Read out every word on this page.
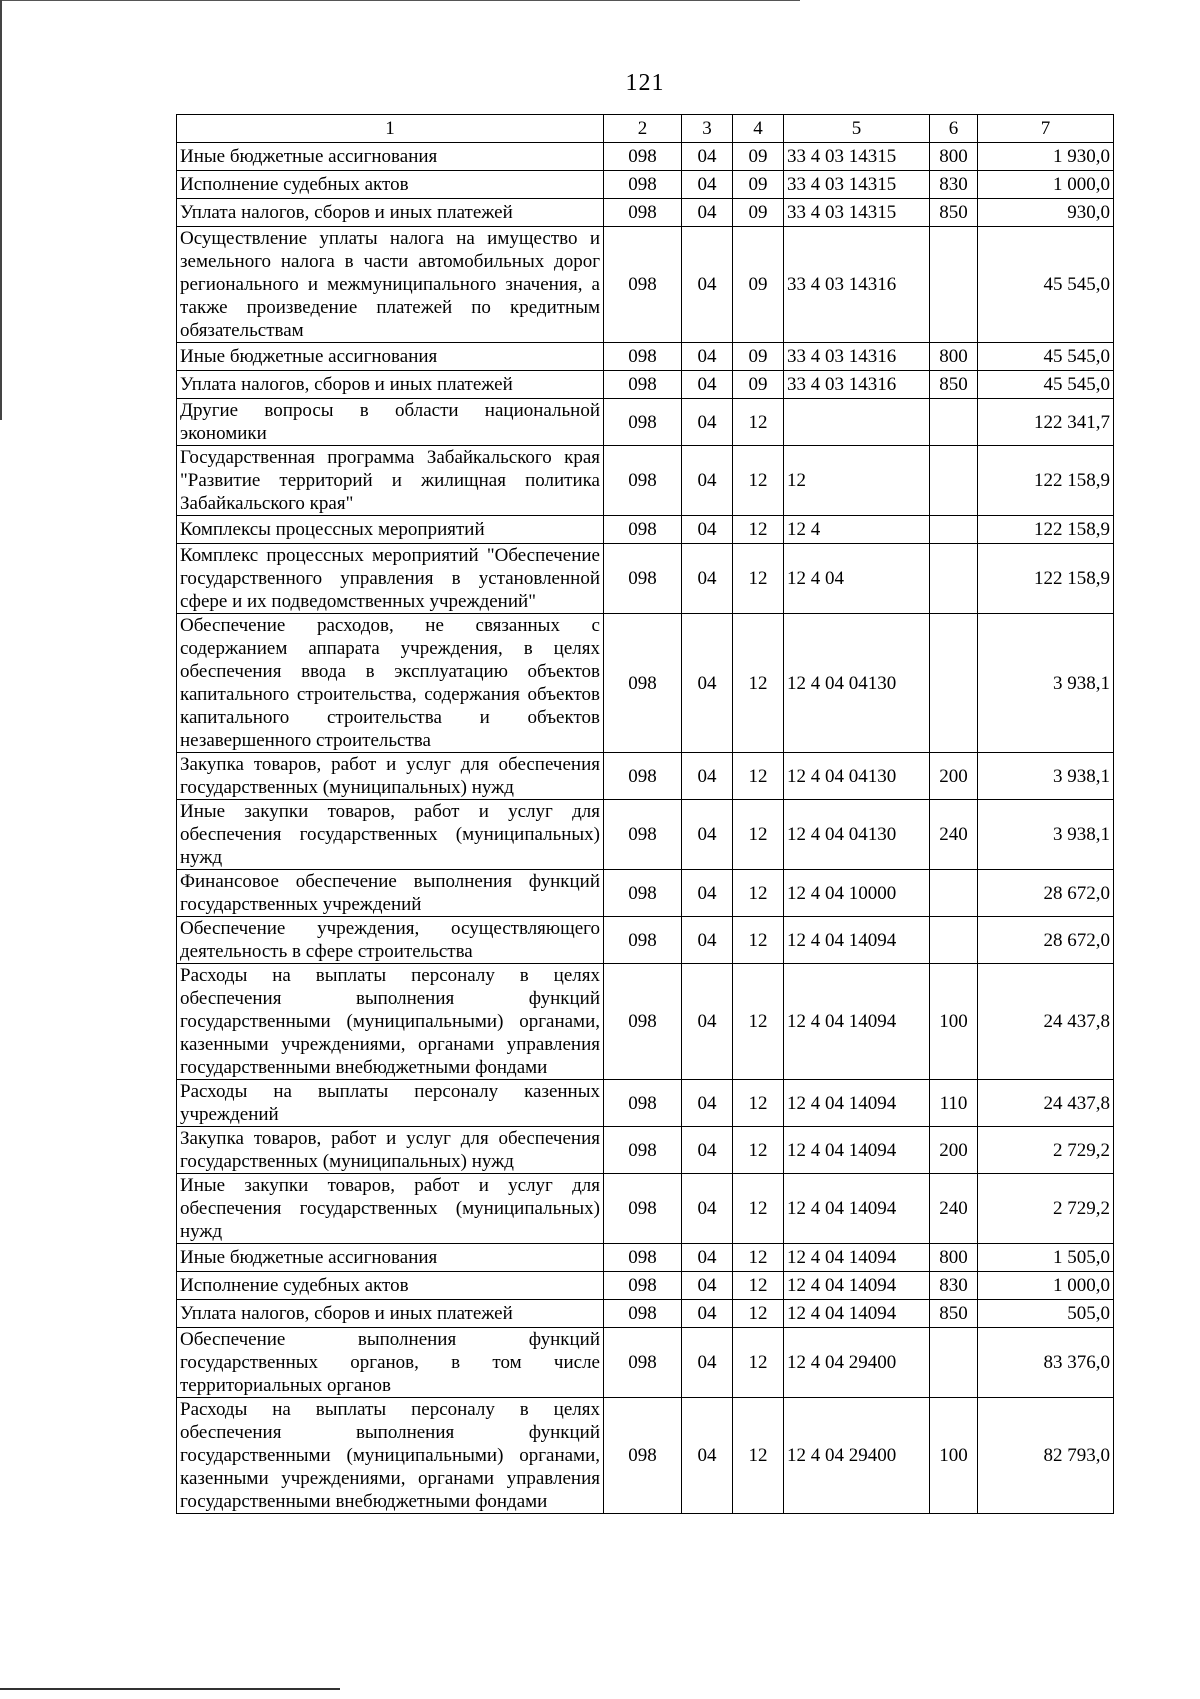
121
1	2	3	4	5	6	7
Иные бюджетные ассигнования	098	04	09	33 4 03 14315	800	1 930,0
Исполнение судебных актов	098	04	09	33 4 03 14315	830	1 000,0
Уплата налогов, сборов и иных платежей	098	04	09	33 4 03 14315	850	930,0
Осуществление уплаты налога на имущество и земельного налога в части автомобильных дорог регионального и межмуниципального значения, а также произведение платежей по кредитным обязательствам	098	04	09	33 4 03 14316		45 545,0
Иные бюджетные ассигнования	098	04	09	33 4 03 14316	800	45 545,0
Уплата налогов, сборов и иных платежей	098	04	09	33 4 03 14316	850	45 545,0
Другие вопросы в области национальной экономики	098	04	12			122 341,7
Государственная программа Забайкальского края "Развитие территорий и жилищная политика Забайкальского края"	098	04	12	12		122 158,9
Комплексы процессных мероприятий	098	04	12	12 4		122 158,9
Комплекс процессных мероприятий "Обеспечение государственного управления в установленной сфере и их подведомственных учреждений"	098	04	12	12 4 04		122 158,9
Обеспечение расходов, не связанных с содержанием аппарата учреждения, в целях обеспечения ввода в эксплуатацию объектов капитального строительства, содержания объектов капитального строительства и объектов незавершенного строительства	098	04	12	12 4 04 04130		3 938,1
Закупка товаров, работ и услуг для обеспечения государственных (муниципальных) нужд	098	04	12	12 4 04 04130	200	3 938,1
Иные закупки товаров, работ и услуг для обеспечения государственных (муниципальных) нужд	098	04	12	12 4 04 04130	240	3 938,1
Финансовое обеспечение выполнения функций государственных учреждений	098	04	12	12 4 04 10000		28 672,0
Обеспечение учреждения, осуществляющего деятельность в сфере строительства	098	04	12	12 4 04 14094		28 672,0
Расходы на выплаты персоналу в целях обеспечения выполнения функций государственными (муниципальными) органами, казенными учреждениями, органами управления государственными внебюджетными фондами	098	04	12	12 4 04 14094	100	24 437,8
Расходы на выплаты персоналу казенных учреждений	098	04	12	12 4 04 14094	110	24 437,8
Закупка товаров, работ и услуг для обеспечения государственных (муниципальных) нужд	098	04	12	12 4 04 14094	200	2 729,2
Иные закупки товаров, работ и услуг для обеспечения государственных (муниципальных) нужд	098	04	12	12 4 04 14094	240	2 729,2
Иные бюджетные ассигнования	098	04	12	12 4 04 14094	800	1 505,0
Исполнение судебных актов	098	04	12	12 4 04 14094	830	1 000,0
Уплата налогов, сборов и иных платежей	098	04	12	12 4 04 14094	850	505,0
Обеспечение выполнения функций государственных органов, в том числе территориальных органов	098	04	12	12 4 04 29400		83 376,0
Расходы на выплаты персоналу в целях обеспечения выполнения функций государственными (муниципальными) органами, казенными учреждениями, органами управления государственными внебюджетными фондами	098	04	12	12 4 04 29400	100	82 793,0
